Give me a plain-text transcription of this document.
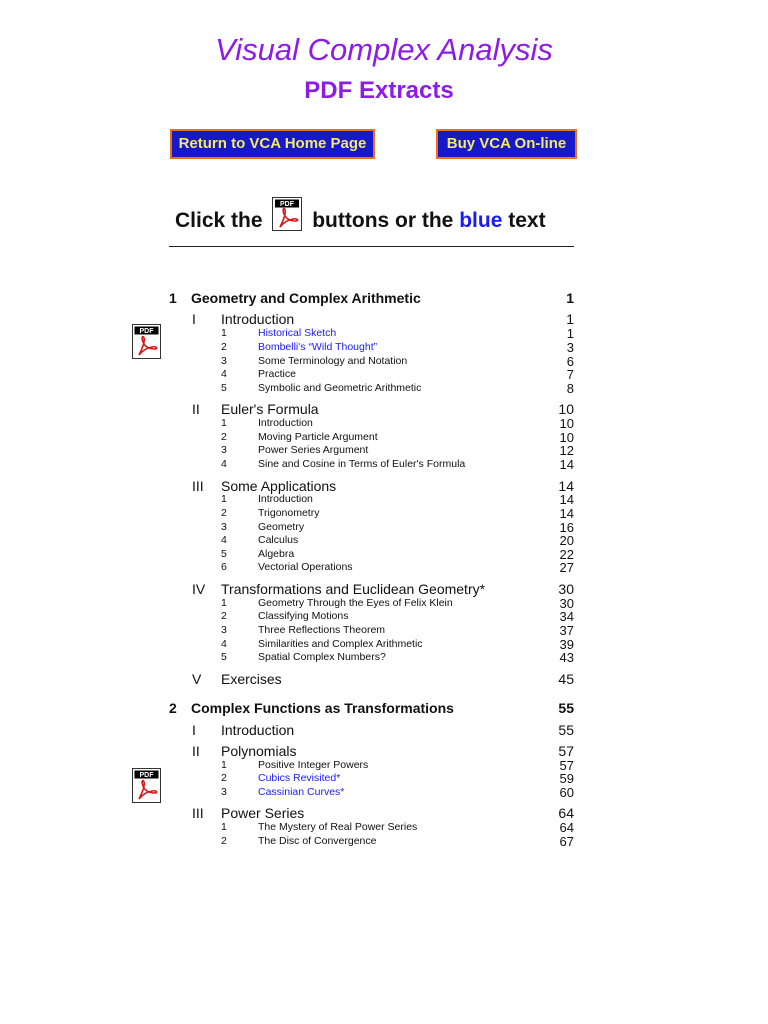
Visual Complex Analysis
PDF Extracts
Return to VCA Home Page	Buy VCA On-line
Click the
PDF
buttons or the blue text
PDF
PDF
1 Geometry and Complex Arithmetic	1
I Introduction	1
1	Historical Sketch	1
2	Bombelli's “Wild Thought”	3
3	Some Terminology and Notation	6
4	Practice	7
5	Symbolic and Geometric Arithmetic	8
II Euler's Formula	10
1	Introduction	10
2	Moving Particle Argument	10
3	Power Series Argument	12
4	Sine and Cosine in Terms of Euler's Formula	14
III Some Applications	14
1	Introduction	14
2	Trigonometry	14
3	Geometry	16
4	Calculus	20
5	Algebra	22
6	Vectorial Operations	27
IV Transformations and Euclidean Geometry*	30
1	Geometry Through the Eyes of Felix Klein	30
2	Classifying Motions	34
3	Three Reflections Theorem	37
4	Similarities and Complex Arithmetic	39
5	Spatial Complex Numbers?	43
V Exercises	45
2 Complex Functions as Transformations	55
I Introduction	55
II Polynomials	57
1	Positive Integer Powers	57
2	Cubics Revisited*	59
3	Cassinian Curves*	60
III Power Series	64
1	The Mystery of Real Power Series	64
2	The Disc of Convergence	67
